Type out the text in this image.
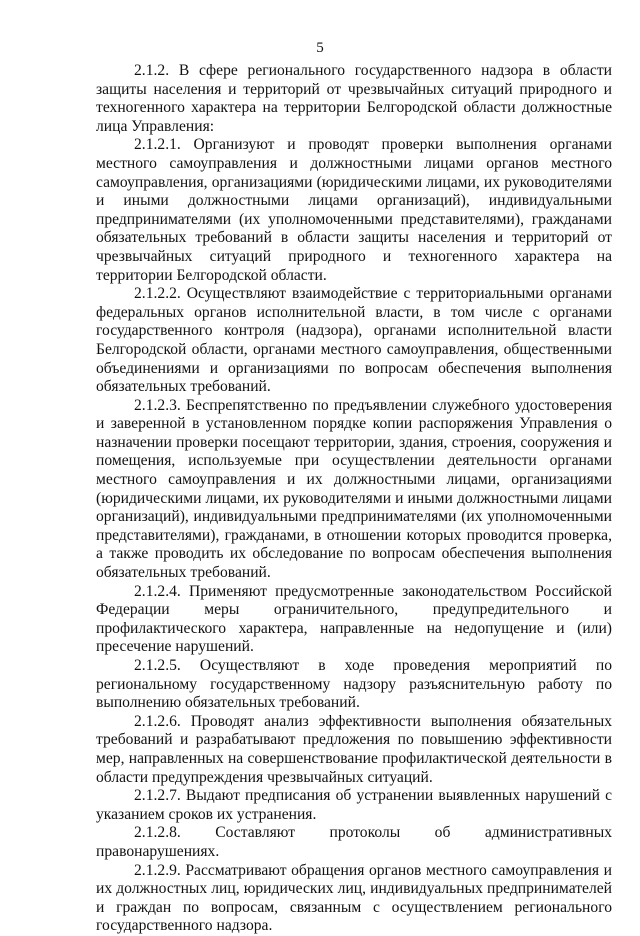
5

2.1.2. В сфере регионального государственного надзора в области защиты населения и территорий от чрезвычайных ситуаций природного и техногенного характера на территории Белгородской области должностные лица Управления:

2.1.2.1. Организуют и проводят проверки выполнения органами местного самоуправления и должностными лицами органов местного самоуправления, организациями (юридическими лицами, их руководителями и иными должностными лицами организаций), индивидуальными предпринимателями (их уполномоченными представителями), гражданами обязательных требований в области защиты населения и территорий от чрезвычайных ситуаций природного и техногенного характера на территории Белгородской области.

2.1.2.2. Осуществляют взаимодействие с территориальными органами федеральных органов исполнительной власти, в том числе с органами государственного контроля (надзора), органами исполнительной власти Белгородской области, органами местного самоуправления, общественными объединениями и организациями по вопросам обеспечения выполнения обязательных требований.

2.1.2.3. Беспрепятственно по предъявлении служебного удостоверения и заверенной в установленном порядке копии распоряжения Управления о назначении проверки посещают территории, здания, строения, сооружения и помещения, используемые при осуществлении деятельности органами местного самоуправления и их должностными лицами, организациями (юридическими лицами, их руководителями и иными должностными лицами организаций), индивидуальными предпринимателями (их уполномоченными представителями), гражданами, в отношении которых проводится проверка, а также проводить их обследование по вопросам обеспечения выполнения обязательных требований.

2.1.2.4. Применяют предусмотренные законодательством Российской Федерации меры ограничительного, предупредительного и профилактического характера, направленные на недопущение и (или) пресечение нарушений.

2.1.2.5. Осуществляют в ходе проведения мероприятий по региональному государственному надзору разъяснительную работу по выполнению обязательных требований.

2.1.2.6. Проводят анализ эффективности выполнения обязательных требований и разрабатывают предложения по повышению эффективности мер, направленных на совершенствование профилактической деятельности в области предупреждения чрезвычайных ситуаций.

2.1.2.7. Выдают предписания об устранении выявленных нарушений с указанием сроков их устранения.

2.1.2.8. Составляют протоколы об административных правонарушениях.

2.1.2.9. Рассматривают обращения органов местного самоуправления и их должностных лиц, юридических лиц, индивидуальных предпринимателей и граждан по вопросам, связанным с осуществлением регионального государственного надзора.
